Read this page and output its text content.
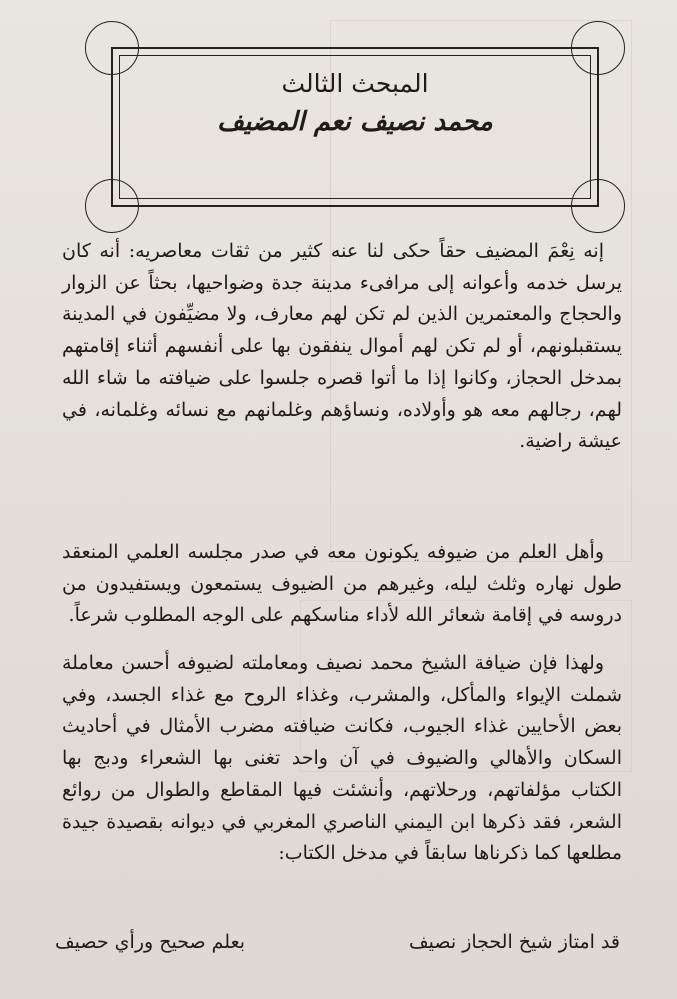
المبحث الثالث
محمد نصيف نعم المضيف
إنه نِعْمَ المضيف حقاً حكى لنا عنه كثير من ثقات معاصريه: أنه كان يرسل خدمه وأعوانه إلى مرافىء مدينة جدة وضواحيها، بحثاً عن الزوار والحجاج والمعتمرين الذين لم تكن لهم معارف، ولا مضيِّفون في المدينة يستقبلونهم، أو لم تكن لهم أموال ينفقون بها على أنفسهم أثناء إقامتهم بمدخل الحجاز، وكانوا إذا ما أتوا قصره جلسوا على ضيافته ما شاء الله لهم، رجالهم معه هو وأولاده، ونساؤهم وغلمانهم مع نسائه وغلمانه، في عيشة راضية.
وأهل العلم من ضيوفه يكونون معه في صدر مجلسه العلمي المنعقد طول نهاره وثلث ليله، وغيرهم من الضيوف يستمعون ويستفيدون من دروسه في إقامة شعائر الله لأداء مناسكهم على الوجه المطلوب شرعاً.
ولهذا فإن ضيافة الشيخ محمد نصيف ومعاملته لضيوفه أحسن معاملة شملت الإيواء والمأكل، والمشرب، وغذاء الروح مع غذاء الجسد، وفي بعض الأحايين غذاء الجيوب، فكانت ضيافته مضرب الأمثال في أحاديث السكان والأهالي والضيوف في آن واحد تغنى بها الشعراء ودبج بها الكتاب مؤلفاتهم، ورحلاتهم، وأنشئت فيها المقاطع والطوال من روائع الشعر، فقد ذكرها ابن اليمني الناصري المغربي في ديوانه بقصيدة جيدة مطلعها كما ذكرناها سابقاً في مدخل الكتاب:
قد امتاز شيخ الحجاز نصيف
بعلم صحيح ورأي حصيف
